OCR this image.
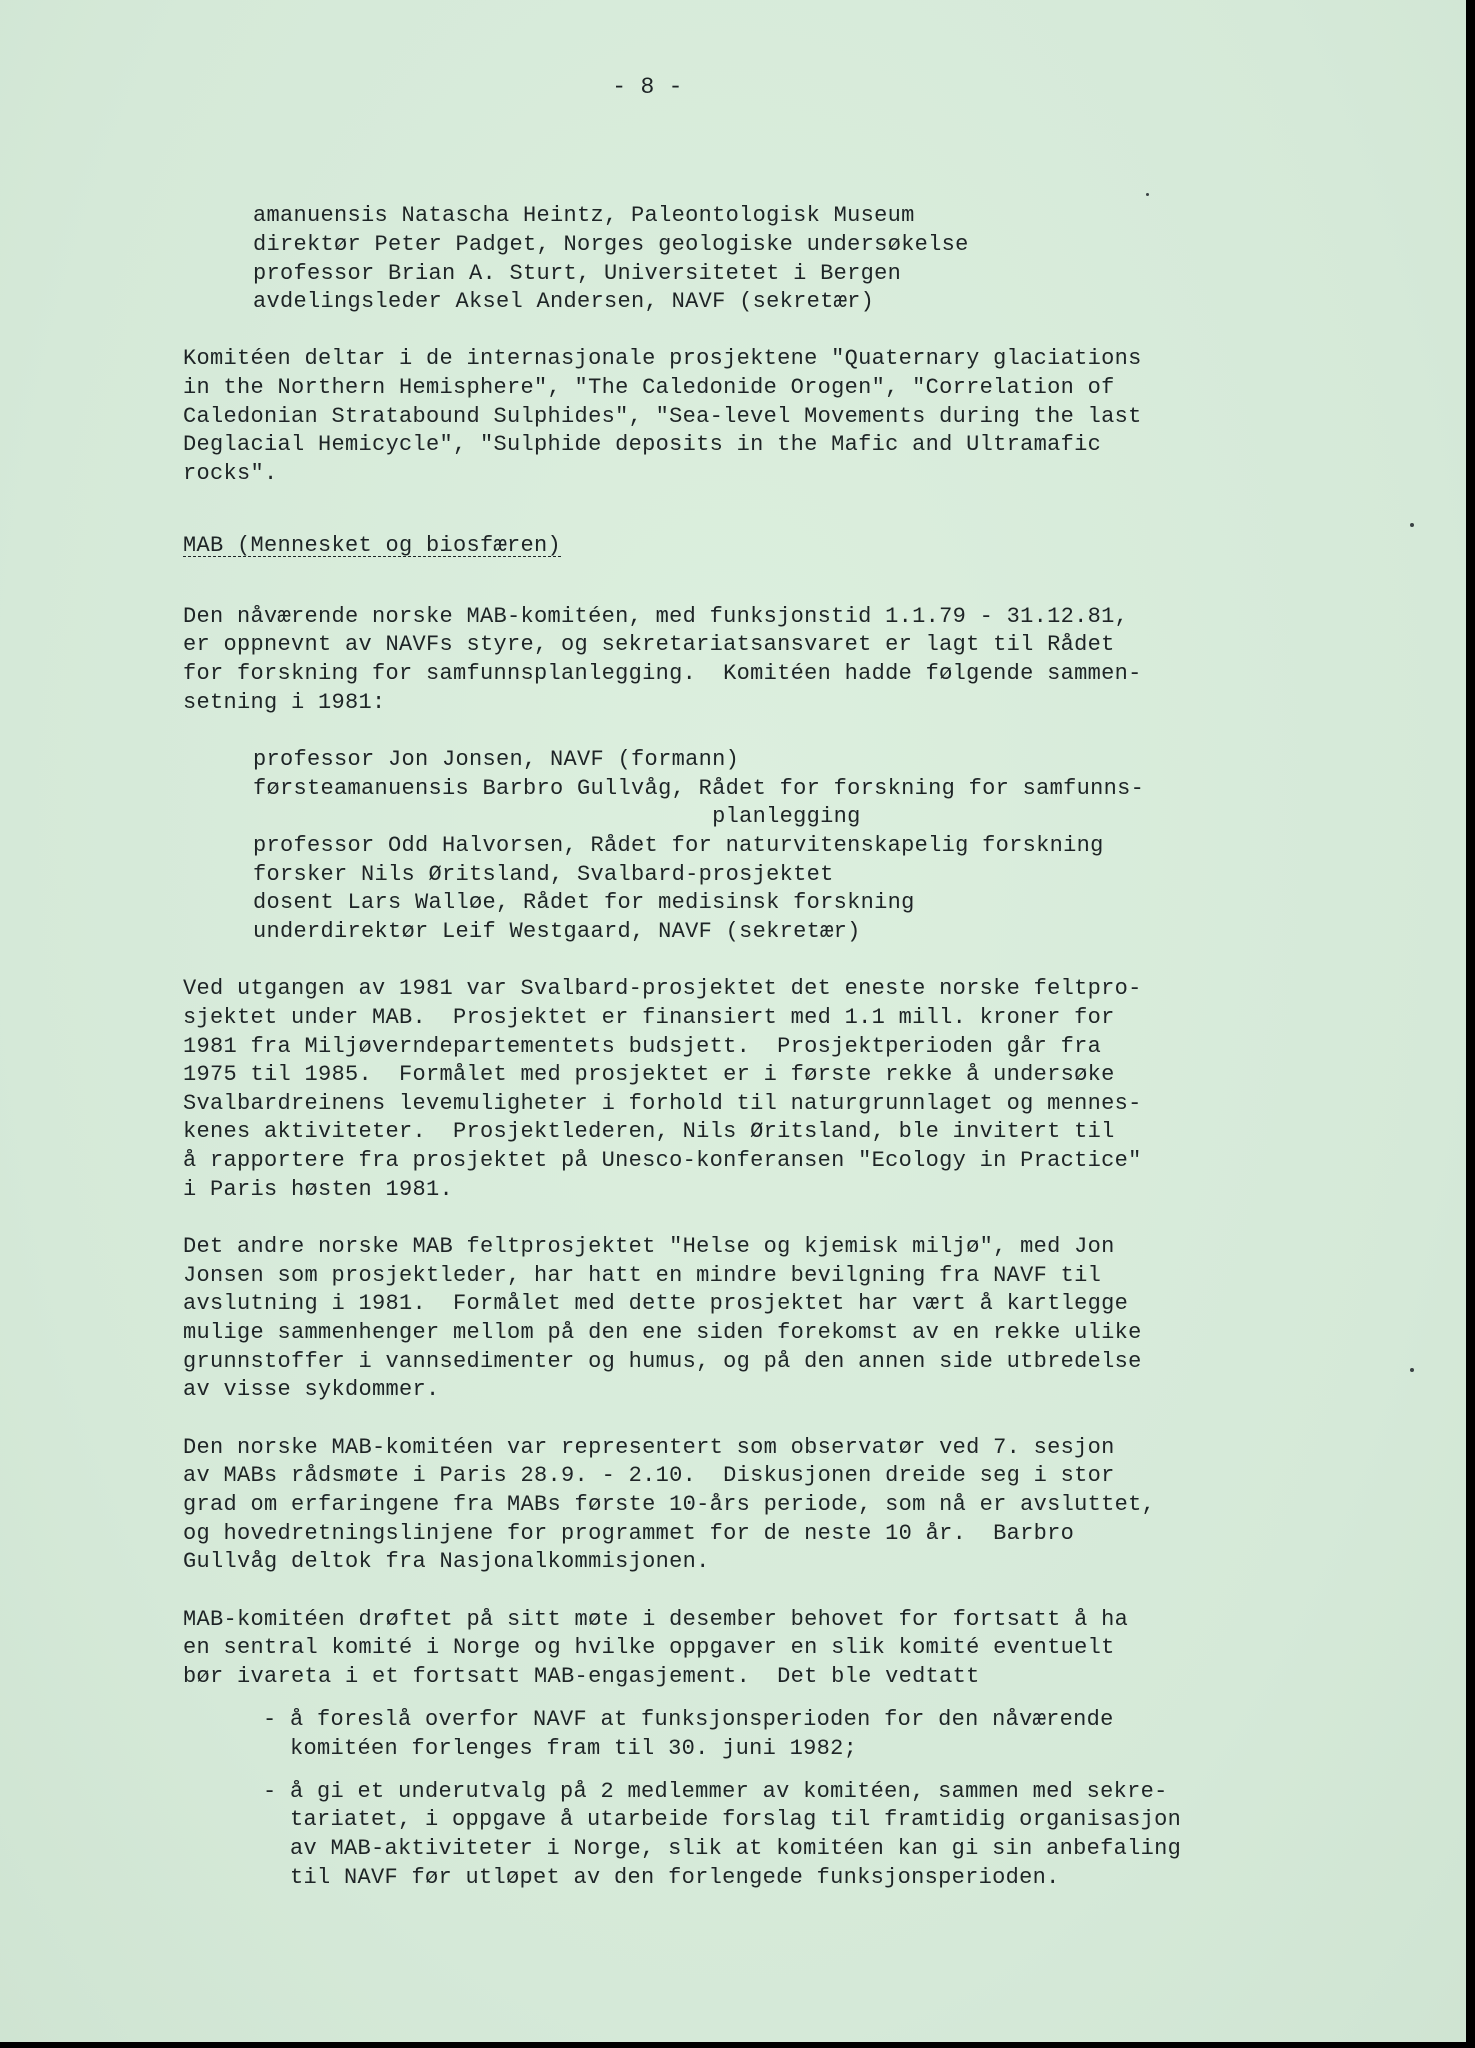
- 8 -
amanuensis Natascha Heintz, Paleontologisk Museum
direktør Peter Padget, Norges geologiske undersøkelse
professor Brian A. Sturt, Universitetet i Bergen
avdelingsleder Aksel Andersen, NAVF (sekretær)
Komitéen deltar i de internasjonale prosjektene "Quaternary glaciations
in the Northern Hemisphere", "The Caledonide Orogen", "Correlation of
Caledonian Stratabound Sulphides", "Sea-level Movements during the last
Deglacial Hemicycle", "Sulphide deposits in the Mafic and Ultramafic
rocks".
MAB (Mennesket og biosfæren)
Den nåværende norske MAB-komitéen, med funksjonstid 1.1.79 - 31.12.81,
er oppnevnt av NAVFs styre, og sekretariatsansvaret er lagt til Rådet
for forskning for samfunnsplanlegging.  Komitéen hadde følgende sammen-
setning i 1981:
professor Jon Jonsen, NAVF (formann)
førsteamanuensis Barbro Gullvåg, Rådet for forskning for samfunns-
planlegging
professor Odd Halvorsen, Rådet for naturvitenskapelig forskning
forsker Nils Øritsland, Svalbard-prosjektet
dosent Lars Walløe, Rådet for medisinsk forskning
underdirektør Leif Westgaard, NAVF (sekretær)
Ved utgangen av 1981 var Svalbard-prosjektet det eneste norske feltpro-
sjektet under MAB.  Prosjektet er finansiert med 1.1 mill. kroner for
1981 fra Miljøverndepartementets budsjett.  Prosjektperioden går fra
1975 til 1985.  Formålet med prosjektet er i første rekke å undersøke
Svalbardreinens levemuligheter i forhold til naturgrunnlaget og mennes-
kenes aktiviteter.  Prosjektlederen, Nils Øritsland, ble invitert til
å rapportere fra prosjektet på Unesco-konferansen "Ecology in Practice"
i Paris høsten 1981.
Det andre norske MAB feltprosjektet "Helse og kjemisk miljø", med Jon
Jonsen som prosjektleder, har hatt en mindre bevilgning fra NAVF til
avslutning i 1981.  Formålet med dette prosjektet har vært å kartlegge
mulige sammenhenger mellom på den ene siden forekomst av en rekke ulike
grunnstoffer i vannsedimenter og humus, og på den annen side utbredelse
av visse sykdommer.
Den norske MAB-komitéen var representert som observatør ved 7. sesjon
av MABs rådsmøte i Paris 28.9. - 2.10.  Diskusjonen dreide seg i stor
grad om erfaringene fra MABs første 10-års periode, som nå er avsluttet,
og hovedretningslinjene for programmet for de neste 10 år.  Barbro
Gullvåg deltok fra Nasjonalkommisjonen.
MAB-komitéen drøftet på sitt møte i desember behovet for fortsatt å ha
en sentral komité i Norge og hvilke oppgaver en slik komité eventuelt
bør ivareta i et fortsatt MAB-engasjement.  Det ble vedtatt
- å foreslå overfor NAVF at funksjonsperioden for den nåværende
komitéen forlenges fram til 30. juni 1982;
- å gi et underutvalg på 2 medlemmer av komitéen, sammen med sekre-
tariatet, i oppgave å utarbeide forslag til framtidig organisasjon
av MAB-aktiviteter i Norge, slik at komitéen kan gi sin anbefaling
til NAVF før utløpet av den forlengede funksjonsperioden.
